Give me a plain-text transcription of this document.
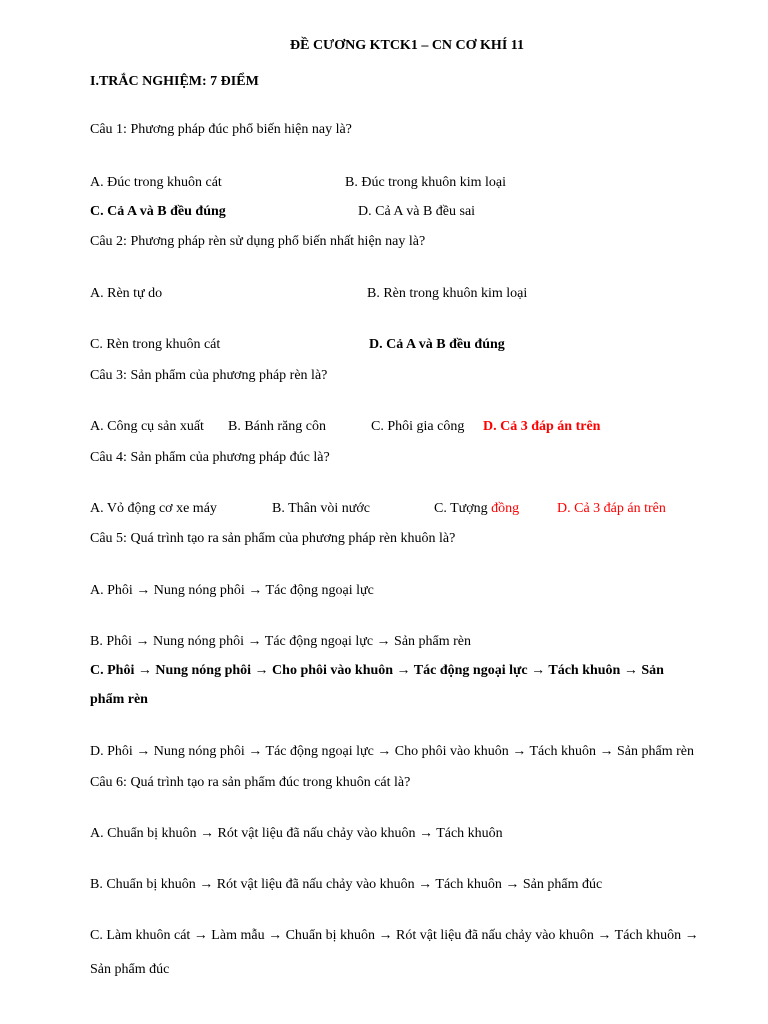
ĐỀ CƯƠNG KTCK1 – CN CƠ KHÍ 11
I.TRẮC NGHIỆM: 7 ĐIỂM
Câu 1: Phương pháp đúc phổ biến hiện nay là?
A. Đúc trong khuôn cát	B. Đúc trong khuôn kim loại
C. Cả A và B đều đúng	D. Cả A và B đều sai
Câu 2: Phương pháp rèn sử dụng phổ biến nhất hiện nay là?
A. Rèn tự do	B. Rèn trong khuôn kim loại
C. Rèn trong khuôn cát	D. Cả A và B đều đúng
Câu 3: Sản phẩm của phương pháp rèn là?
A. Công cụ sản xuất B. Bánh răng côn	C. Phôi gia công D. Cả 3 đáp án trên
Câu 4: Sản phẩm của phương pháp đúc là?
A. Vỏ động cơ xe máy	B. Thân vòi nước	C. Tượng đồng	D. Cả 3 đáp án trên
Câu 5: Quá trình tạo ra sản phẩm của phương pháp rèn khuôn là?
A. Phôi → Nung nóng phôi → Tác động ngoại lực
B. Phôi → Nung nóng phôi → Tác động ngoại lực → Sản phẩm rèn
C. Phôi → Nung nóng phôi → Cho phôi vào khuôn → Tác động ngoại lực → Tách khuôn → Sản
phẩm rèn
D. Phôi → Nung nóng phôi → Tác động ngoại lực → Cho phôi vào khuôn → Tách khuôn → Sản phẩm rèn
Câu 6: Quá trình tạo ra sản phẩm đúc trong khuôn cát là?
A. Chuẩn bị khuôn → Rót vật liệu đã nấu chảy vào khuôn → Tách khuôn
B. Chuẩn bị khuôn → Rót vật liệu đã nấu chảy vào khuôn → Tách khuôn → Sản phẩm đúc
C. Làm khuôn cát → Làm mẫu → Chuẩn bị khuôn → Rót vật liệu đã nấu chảy vào khuôn → Tách khuôn →
Sản phẩm đúc
